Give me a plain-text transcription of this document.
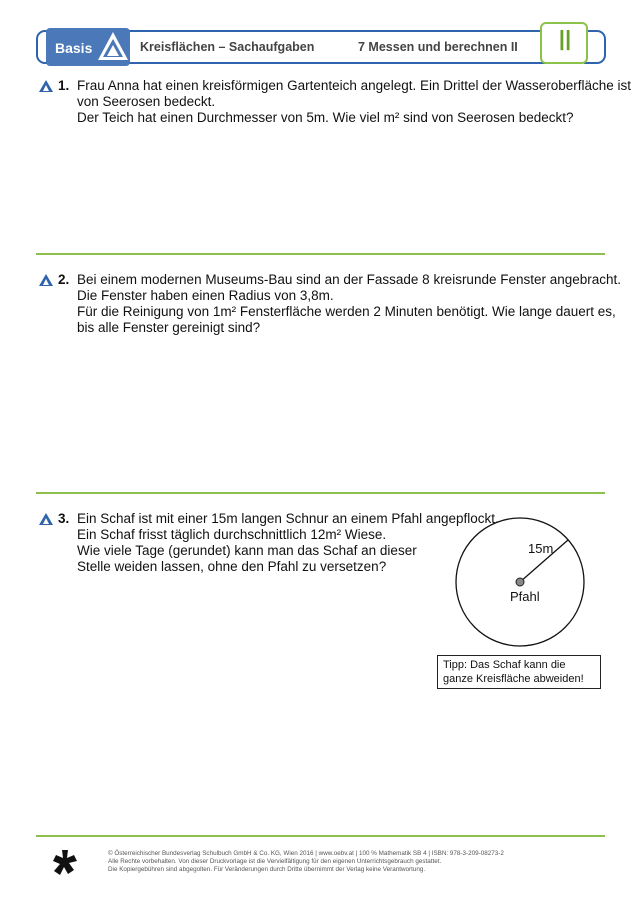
Basis	Kreisflächen – Sachaufgaben	7 Messen und berechnen II	II
1. Frau Anna hat einen kreisförmigen Gartenteich angelegt. Ein Drittel der Wasseroberfläche ist
von Seerosen bedeckt.
Der Teich hat einen Durchmesser von 5m. Wie viel m² sind von Seerosen bedeckt?
2. Bei einem modernen Museums-Bau sind an der Fassade 8 kreisrunde Fenster angebracht.
Die Fenster haben einen Radius von 3,8m.
Für die Reinigung von 1m² Fensterfläche werden 2 Minuten benötigt. Wie lange dauert es,
bis alle Fenster gereinigt sind?
3. Ein Schaf ist mit einer 15m langen Schnur an einem Pfahl angepflockt.
Ein Schaf frisst täglich durchschnittlich 12m² Wiese.
Wie viele Tage (gerundet) kann man das Schaf an dieser
Stelle weiden lassen, ohne den Pfahl zu versetzen?
15m
Pfahl
Tipp: Das Schaf kann die
ganze Kreisfläche abweiden!
© Österreichischer Bundesverlag Schulbuch GmbH & Co. KG, Wien 2016 | www.oebv.at | 100 % Mathematik SB 4 | ISBN: 978-3-209-08273-2
Alle Rechte vorbehalten. Von dieser Druckvorlage ist die Vervielfältigung für den eigenen Unterrichtsgebrauch gestattet.
Die Kopiergebühren sind abgegolten. Für Veränderungen durch Dritte übernimmt der Verlag keine Verantwortung.
